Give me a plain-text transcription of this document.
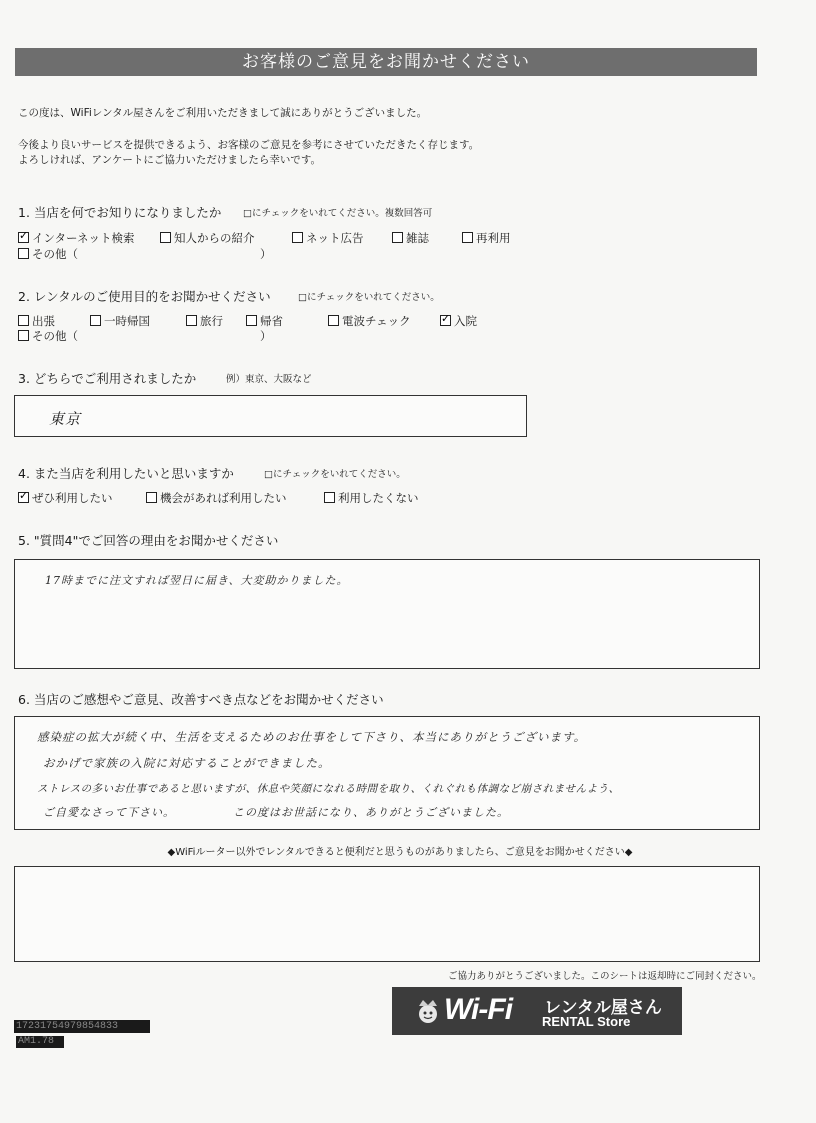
お客様のご意見をお聞かせください
この度は、WiFiレンタル屋さんをご利用いただきまして誠にありがとうございました。
今後より良いサービスを提供できるよう、お客様のご意見を参考にさせていただきたく存じます。
よろしければ、アンケートにご協力いただけましたら幸いです。
1. 当店を何でお知りになりましたか □にチェックをいれてください。複数回答可
✓インターネット検索	知人からの紹介	ネット広告	雑誌	再利用
その他（	）
2. レンタルのご使用目的をお聞かせください	□にチェックをいれてください。
出張	一時帰国	旅行	帰省	電波チェック
✓	入院
その他（	）
3. どちらでご利用されましたか	例）東京、大阪など
東京
4. また当店を利用したいと思いますか	□にチェックをいれてください。
✓ぜひ利用したい	機会があれば利用したい	利用したくない
5. "質問4"でご回答の理由をお聞かせください
17時までに注文すれば翌日に届き、大変助かりました。
6. 当店のご感想やご意見、改善すべき点などをお聞かせください
感染症の拡大が続く中、生活を支えるためのお仕事をして下さり、本当にありがとうございます。
おかげで家族の入院に対応することができました。
ストレスの多いお仕事であると思いますが、休息や笑顔になれる時間を取り、くれぐれも体調など崩されませんよう、
ご自愛なさって下さい。	この度はお世話になり、ありがとうございました。
◆WiFiルーター以外でレンタルできると便利だと思うものがありましたら、ご意見をお聞かせください◆
ご協力ありがとうございました。このシートは返却時にご同封ください。
17231754979854833
AM1.78
Wi-Fi レンタル屋さん
RENTAL Store
